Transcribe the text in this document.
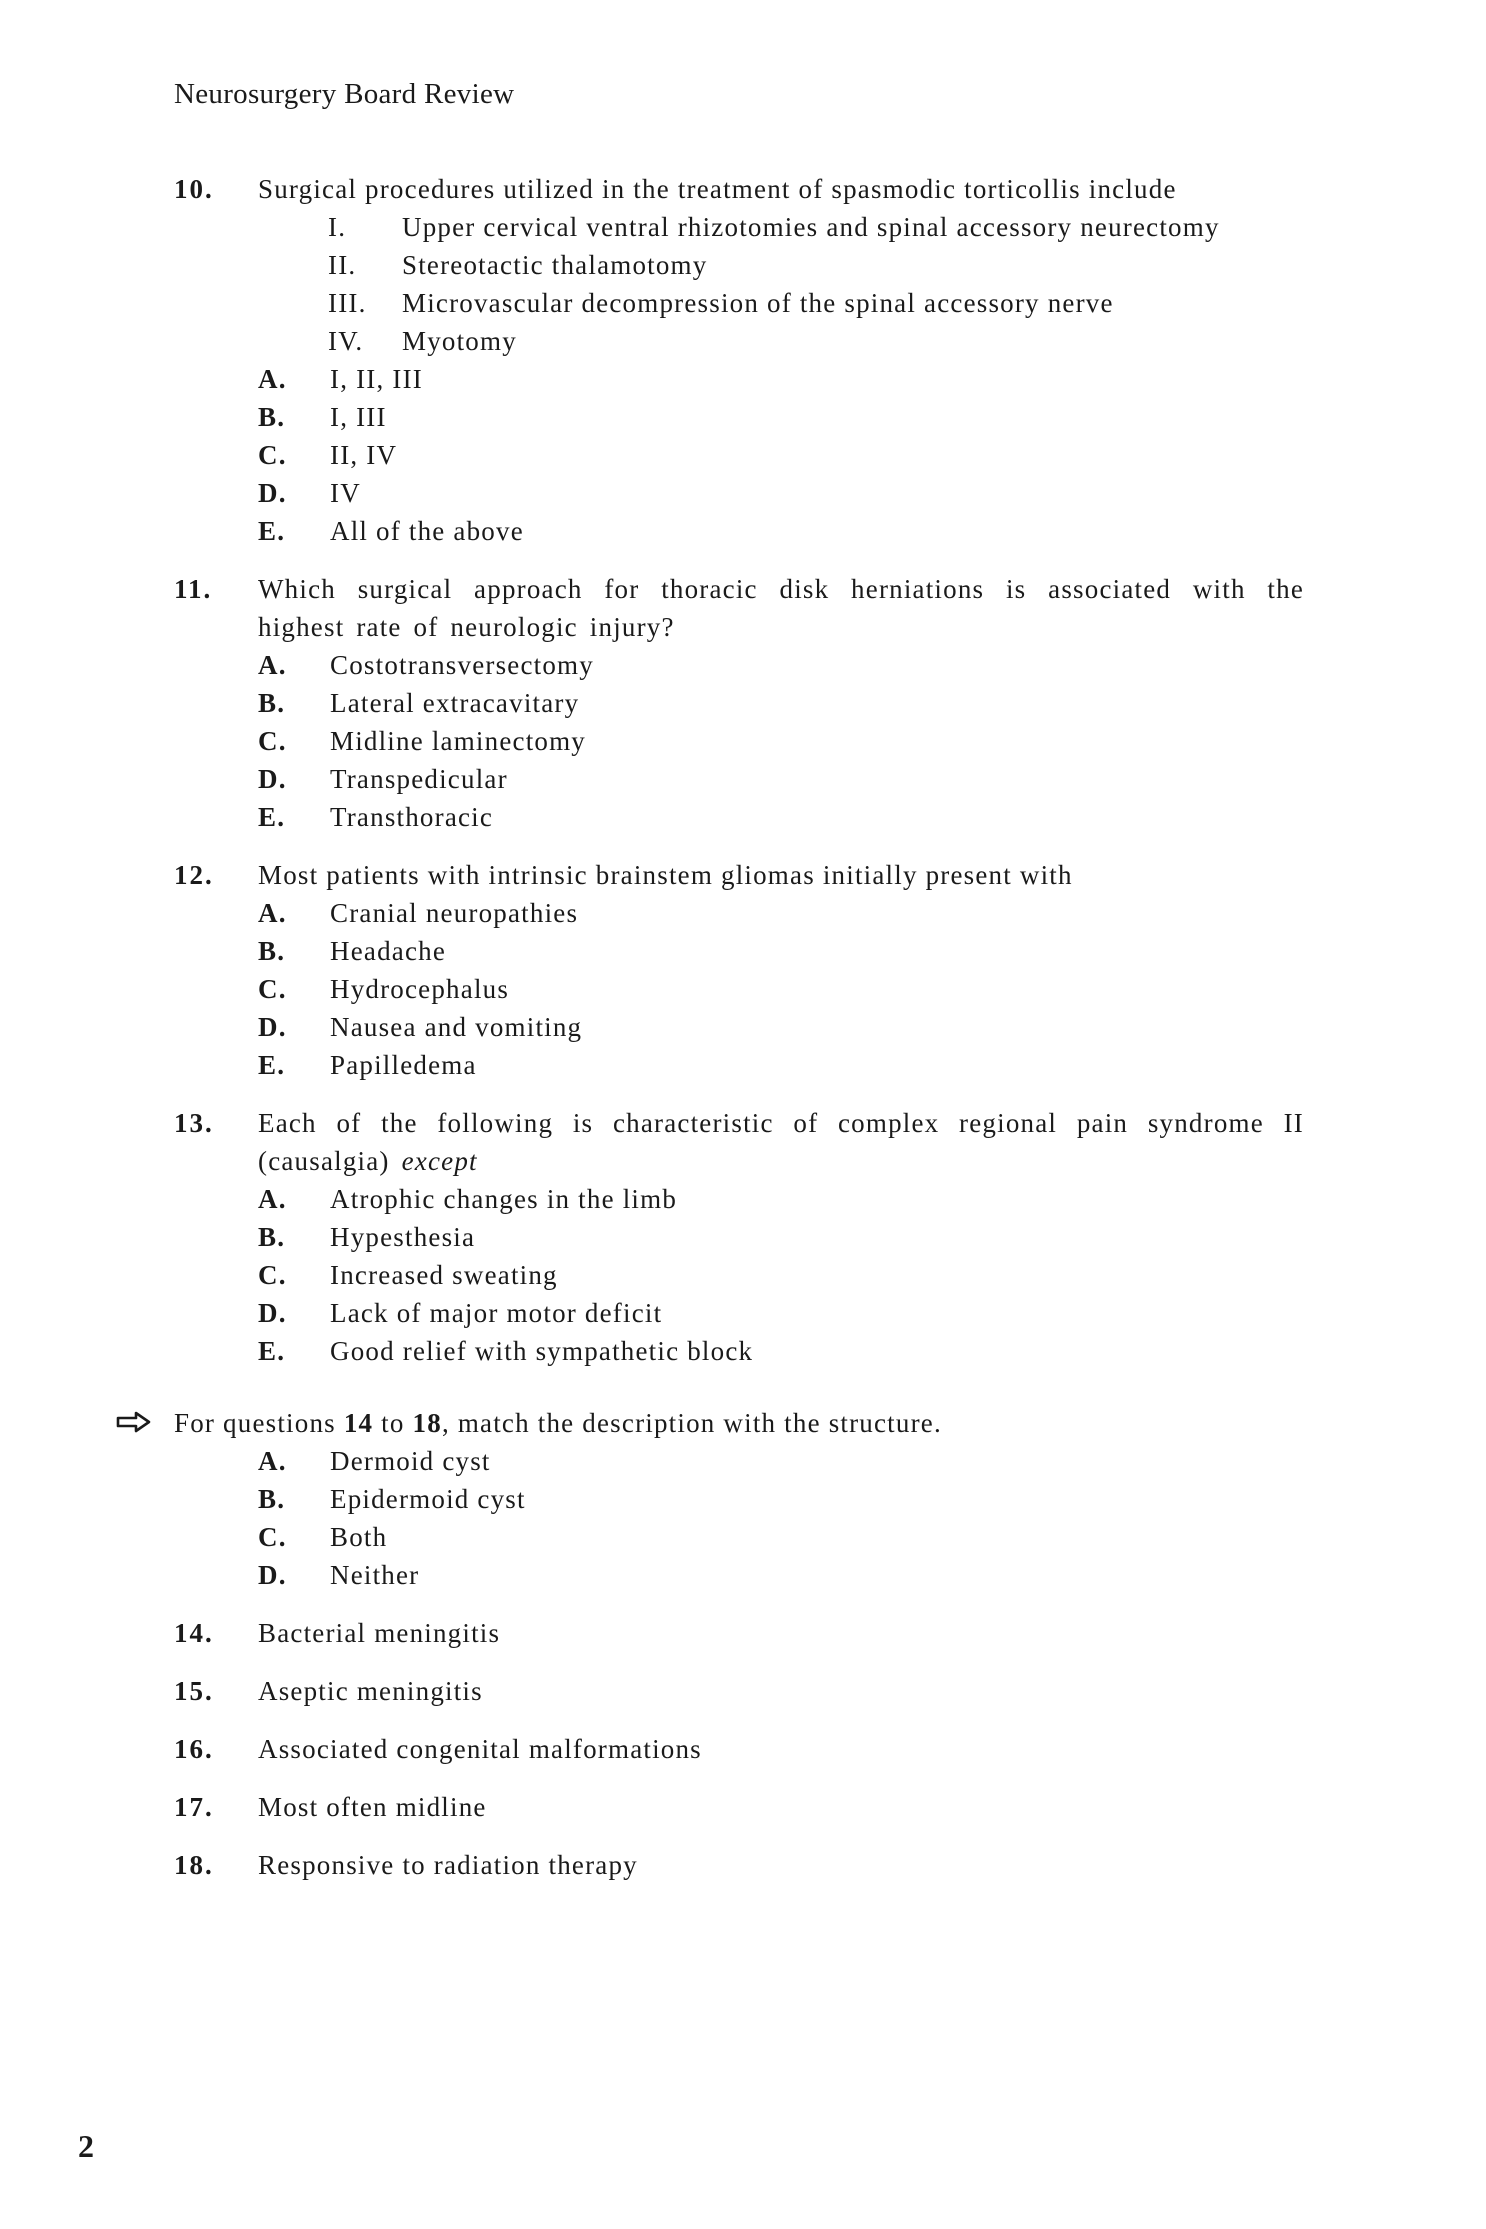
Neurosurgery Board Review
10. Surgical procedures utilized in the treatment of spasmodic torticollis include
I. Upper cervical ventral rhizotomies and spinal accessory neurectomy
II. Stereotactic thalamotomy
III. Microvascular decompression of the spinal accessory nerve
IV. Myotomy
A. I, II, III
B. I, III
C. II, IV
D. IV
E. All of the above
11. Which surgical approach for thoracic disk herniations is associated with the highest rate of neurologic injury?
A. Costotransversectomy
B. Lateral extracavitary
C. Midline laminectomy
D. Transpedicular
E. Transthoracic
12. Most patients with intrinsic brainstem gliomas initially present with
A. Cranial neuropathies
B. Headache
C. Hydrocephalus
D. Nausea and vomiting
E. Papilledema
13. Each of the following is characteristic of complex regional pain syndrome II (causalgia) except
A. Atrophic changes in the limb
B. Hypesthesia
C. Increased sweating
D. Lack of major motor deficit
E. Good relief with sympathetic block
For questions 14 to 18, match the description with the structure.
A. Dermoid cyst
B. Epidermoid cyst
C. Both
D. Neither
14. Bacterial meningitis
15. Aseptic meningitis
16. Associated congenital malformations
17. Most often midline
18. Responsive to radiation therapy
2
